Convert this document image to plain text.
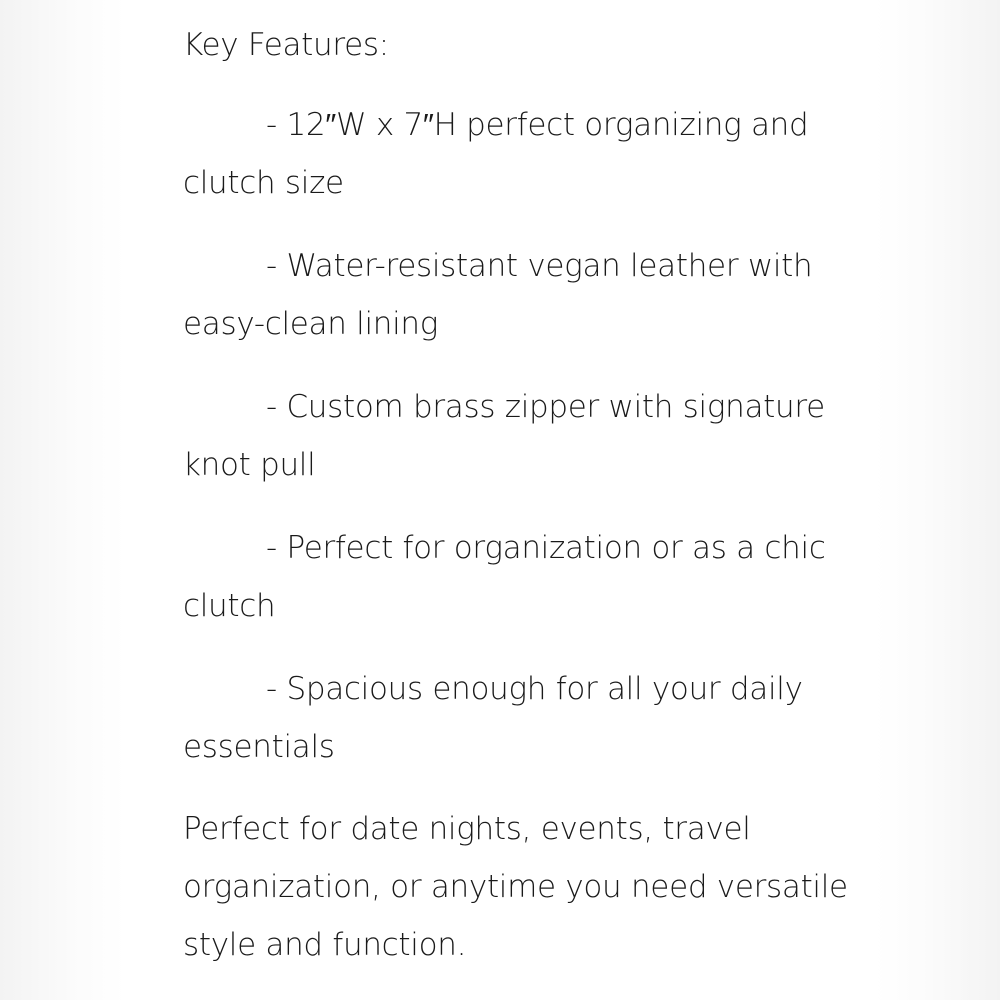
Key Features:

- 12″W x 7″H perfect organizing and
clutch size

- Water-resistant vegan leather with
easy-clean lining

- Custom brass zipper with signature
knot pull

- Perfect for organization or as a chic
clutch

- Spacious enough for all your daily
essentials

Perfect for date nights, events, travel
organization, or anytime you need versatile
style and function.
